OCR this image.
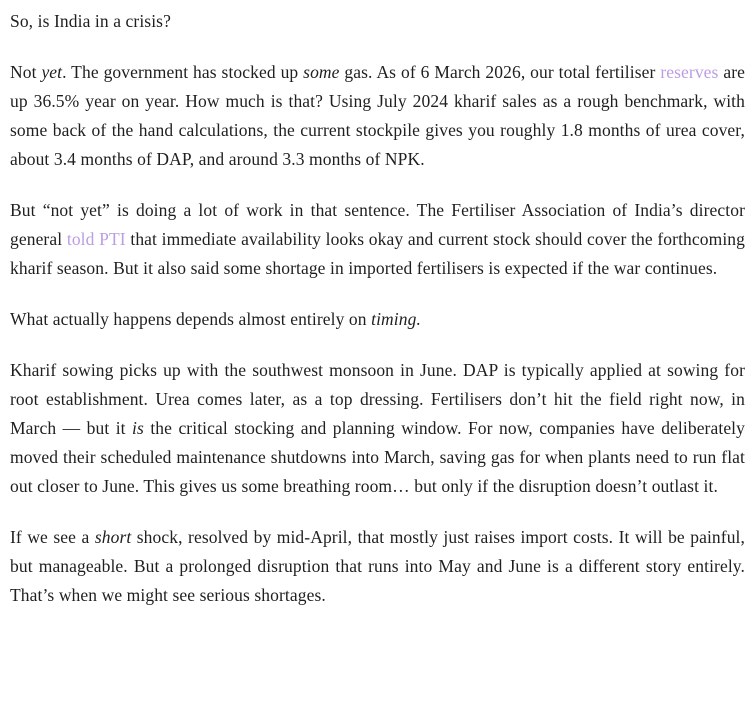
So, is India in a crisis?

Not yet. The government has stocked up some gas. As of 6 March 2026, our total fertiliser reserves are up 36.5% year on year. How much is that? Using July 2024 kharif sales as a rough benchmark, with some back of the hand calculations, the current stockpile gives you roughly 1.8 months of urea cover, about 3.4 months of DAP, and around 3.3 months of NPK.

But “not yet” is doing a lot of work in that sentence. The Fertiliser Association of India’s director general told PTI that immediate availability looks okay and current stock should cover the forthcoming kharif season. But it also said some shortage in imported fertilisers is expected if the war continues.

What actually happens depends almost entirely on timing.

Kharif sowing picks up with the southwest monsoon in June. DAP is typically applied at sowing for root establishment. Urea comes later, as a top dressing. Fertilisers don’t hit the field right now, in March — but it is the critical stocking and planning window. For now, companies have deliberately moved their scheduled maintenance shutdowns into March, saving gas for when plants need to run flat out closer to June. This gives us some breathing room… but only if the disruption doesn’t outlast it.

If we see a short shock, resolved by mid-April, that mostly just raises import costs. It will be painful, but manageable. But a prolonged disruption that runs into May and June is a different story entirely. That’s when we might see serious shortages.
